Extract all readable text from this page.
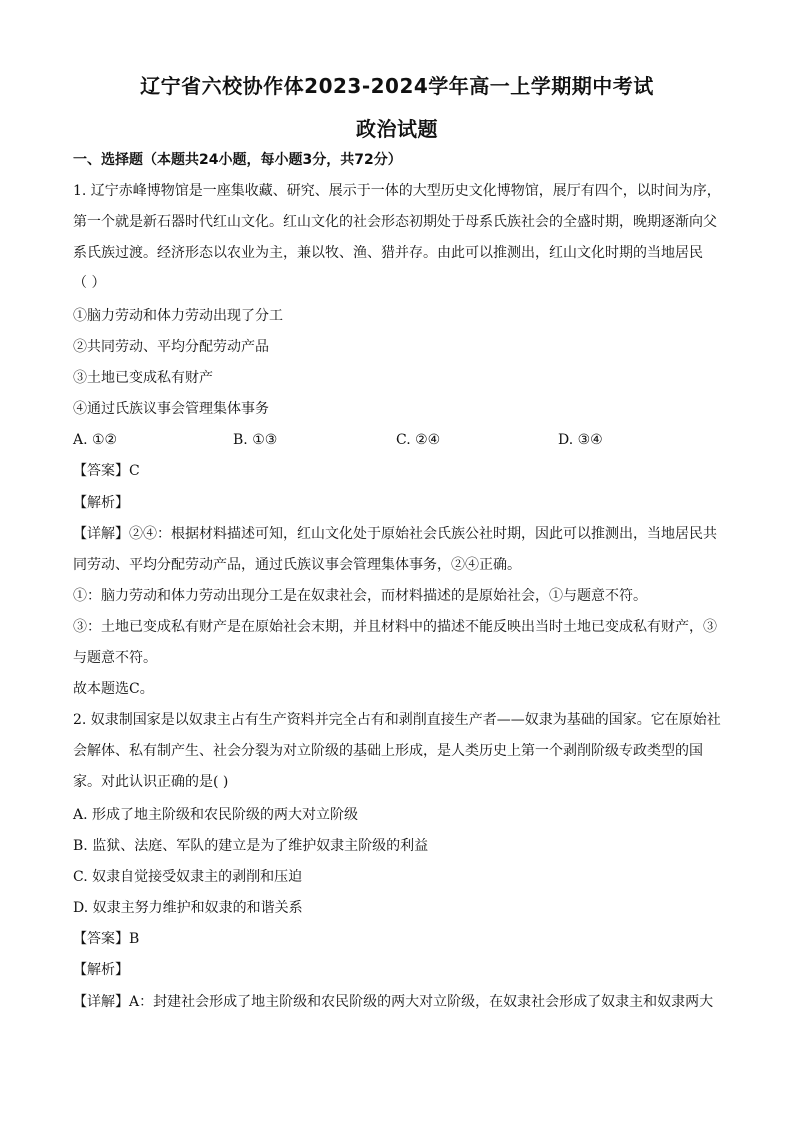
辽宁省六校协作体2023-2024学年高一上学期期中考试
政治试题
一、选择题（本题共24小题，每小题3分，共72分）
1. 辽宁赤峰博物馆是一座集收藏、研究、展示于一体的大型历史文化博物馆，展厅有四个，以时间为序，
第一个就是新石器时代红山文化。红山文化的社会形态初期处于母系氏族社会的全盛时期，晚期逐渐向父
系氏族过渡。经济形态以农业为主，兼以牧、渔、猎并存。由此可以推测出，红山文化时期的当地居民
（ ）
①脑力劳动和体力劳动出现了分工
②共同劳动、平均分配劳动产品
③土地已变成私有财产
④通过氏族议事会管理集体事务
A. ①②	B. ①③	C. ②④	D. ③④
【答案】C
【解析】
【详解】②④：根据材料描述可知，红山文化处于原始社会氏族公社时期，因此可以推测出，当地居民共
同劳动、平均分配劳动产品，通过氏族议事会管理集体事务，②④正确。
①：脑力劳动和体力劳动出现分工是在奴隶社会，而材料描述的是原始社会，①与题意不符。
③：土地已变成私有财产是在原始社会末期，并且材料中的描述不能反映出当时土地已变成私有财产，③
与题意不符。
故本题选C。
2. 奴隶制国家是以奴隶主占有生产资料并完全占有和剥削直接生产者——奴隶为基础的国家。它在原始社
会解体、私有制产生、社会分裂为对立阶级的基础上形成，是人类历史上第一个剥削阶级专政类型的国
家。对此认识正确的是( )
A. 形成了地主阶级和农民阶级的两大对立阶级
B. 监狱、法庭、军队的建立是为了维护奴隶主阶级的利益
C. 奴隶自觉接受奴隶主的剥削和压迫
D. 奴隶主努力维护和奴隶的和谐关系
【答案】B
【解析】
【详解】A：封建社会形成了地主阶级和农民阶级的两大对立阶级，在奴隶社会形成了奴隶主和奴隶两大
